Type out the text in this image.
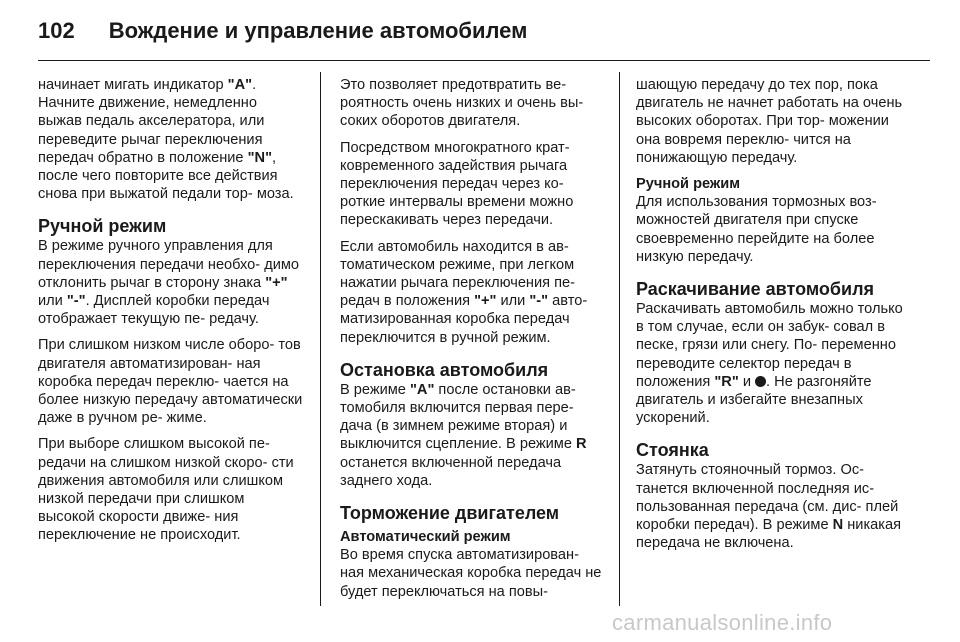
102 Вождение и управление автомобилем

начинает мигать индикатор "A". Начните движение, немедленно выжав педаль акселератора, или переведите рычаг переключения передач обратно в положение "N", после чего повторите все действия снова при выжатой педали тор- моза.

Ручной режим

В режиме ручного управления для переключения передачи необхо- димо отклонить рычаг в сторону знака "+" или "-". Дисплей коробки передач отображает текущую пе- редачу.

При слишком низком числе оборо- тов двигателя автоматизирован- ная коробка передач переклю- чается на более низкую передачу автоматически даже в ручном ре- жиме.

При выборе слишком высокой пе- редачи на слишком низкой скоро- сти движения автомобиля или слишком низкой передачи при слишком высокой скорости движе- ния переключение не происходит.

Это позволяет предотвратить ве- роятность очень низких и очень вы- соких оборотов двигателя.

Посредством многократного крат- ковременного задействия рычага переключения передач через ко- роткие интервалы времени можно перескакивать через передачи.

Если автомобиль находится в ав- томатическом режиме, при легком нажатии рычага переключения пе- редач в положения "+" или "-" авто- матизированная коробка передач переключится в ручной режим.

Остановка автомобиля

В режиме "A" после остановки ав- томобиля включится первая пере- дача (в зимнем режиме вторая) и выключится сцепление. В режиме R останется включенной передача заднего хода.

Торможение двигателем
Автоматический режим

Во время спуска автоматизирован- ная механическая коробка передач не будет переключаться на повы-

шающую передачу до тех пор, пока двигатель не начнет работать на очень высоких оборотах. При тор- можении она вовремя переклю- чится на понижающую передачу.

Ручной режим

Для использования тормозных воз- можностей двигателя при спуске своевременно перейдите на более низкую передачу.

Раскачивание автомобиля

Раскачивать автомобиль можно только в том случае, если он забук- совал в песке, грязи или снегу. По- переменно переводите селектор передач в положения "R" и . Не разгоняйте двигатель и избегайте внезапных ускорений.

Стоянка

Затянуть стояночный тормоз. Ос- танется включенной последняя ис- пользованная передача (см. дис- плей коробки передач). В режиме N никакая передача не включена.

carmanualsonline.info
